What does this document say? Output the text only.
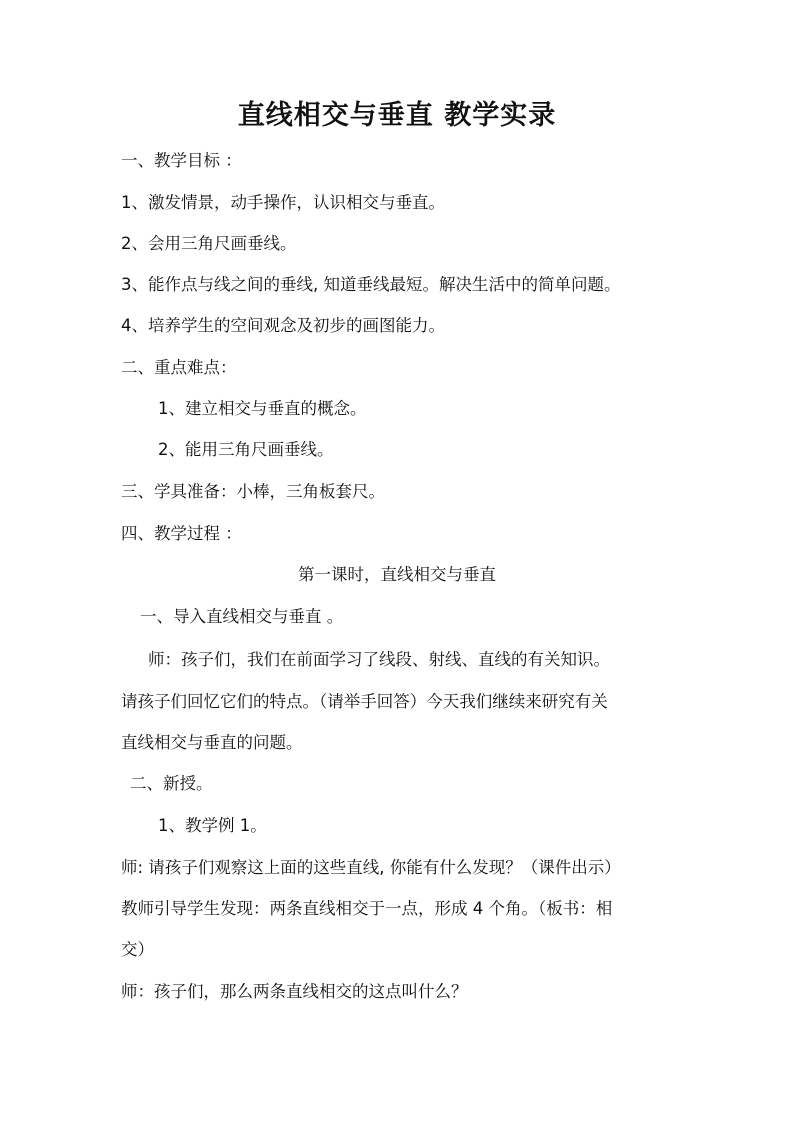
直线相交与垂直 教学实录
一、教学目标 ：
1、激发情景，动手操作，认识相交与垂直。
2、会用三角尺画垂线。
3、能作点与线之间的垂线, 知道垂线最短。解决生活中的简单问题。
4、培养学生的空间观念及初步的画图能力。
二、重点难点：
1、建立相交与垂直的概念。
2、能用三角尺画垂线。
三、学具准备：小棒，三角板套尺。
四、教学过程 ：
第一课时，直线相交与垂直
一、导入直线相交与垂直 。
师：孩子们，我们在前面学习了线段、射线、直线的有关知识。
请孩子们回忆它们的特点。（请举手回答）今天我们继续来研究有关
直线相交与垂直的问题。
二、新授。
1、教学例 1。
师: 请孩子们观察这上面的这些直线, 你能有什么发现？（课件出示）
教师引导学生发现：两条直线相交于一点，形成 4 个角。（板书：相
交）
师：孩子们，那么两条直线相交的这点叫什么？
